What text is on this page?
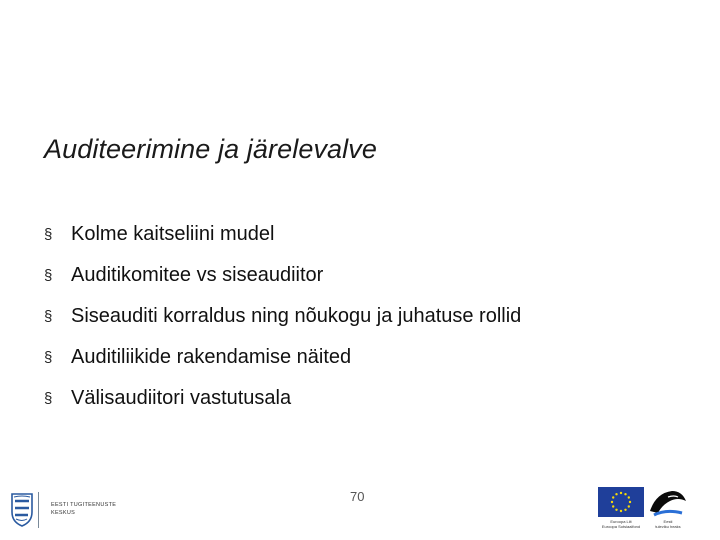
Auditeerimine ja järelevalve
§ Kolme kaitseliini mudel
§ Auditikomitee vs siseaudiitor
§ Siseauditi korraldus ning nõukogu ja juhatuse rollid
§ Auditiliikide rakendamise näited
§ Välisaudiitori vastutusala
70
EESTI TUGITEENUSTE
KESKUS
Euroopa Liit
Euroopa Sotsiaalfond
Eesti
tuleviku heaks
